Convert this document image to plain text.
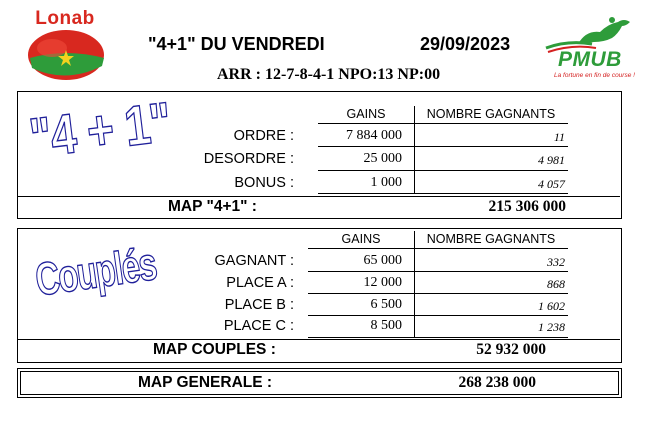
Lonab
PMUB
La fortune en fin de course !
"4+1" DU VENDREDI	29/09/2023
ARR : 12-7-8-4-1 NPO:13 NP:00
"4 + 1"	GAINS	NOMBRE GAGNANTS
ORDRE :	7 884 000	11
DESORDRE :	25 000	4 981
BONUS :	1 000	4 057
MAP "4+1" :	215 306 000
Couplés	GAINS	NOMBRE GAGNANTS
GAGNANT :	65 000	332
PLACE A :	12 000	868
PLACE B :	6 500	1 602
PLACE C :	8 500	1 238
MAP COUPLES :	52 932 000
MAP GENERALE :	268 238 000
